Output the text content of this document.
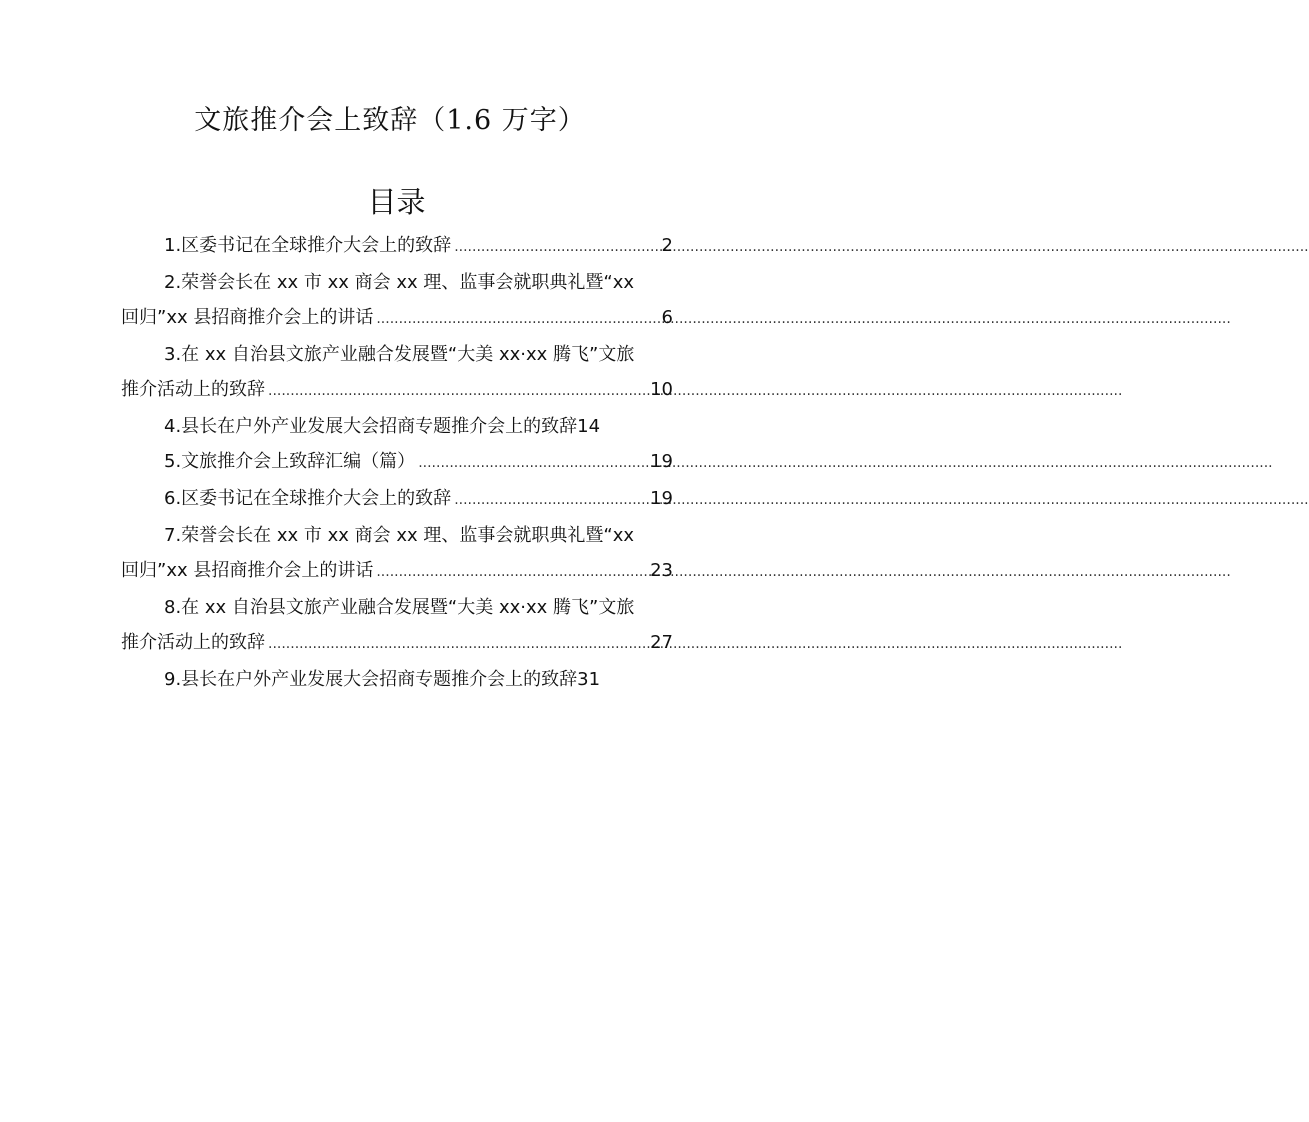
文旅推介会上致辞（1.6 万字）
目录
1.区委书记在全球推介大会上的致辞 .....	2
2.荣誉会长在 xx 市 xx 商会 xx 理、监事会就职典礼暨“xx
回归”xx 县招商推介会上的讲话 .....	6
3.在 xx 自治县文旅产业融合发展暨“大美 xx·xx 腾飞”文旅
推介活动上的致辞 .....	10
4.县长在户外产业发展大会招商专题推介会上的致辞 14
5.文旅推介会上致辞汇编（篇） .....	19
6.区委书记在全球推介大会上的致辞 .....	19
7.荣誉会长在 xx 市 xx 商会 xx 理、监事会就职典礼暨“xx
回归”xx 县招商推介会上的讲话 .....	23
8.在 xx 自治县文旅产业融合发展暨“大美 xx·xx 腾飞”文旅
推介活动上的致辞 .....	27
9.县长在户外产业发展大会招商专题推介会上的致辞 31
